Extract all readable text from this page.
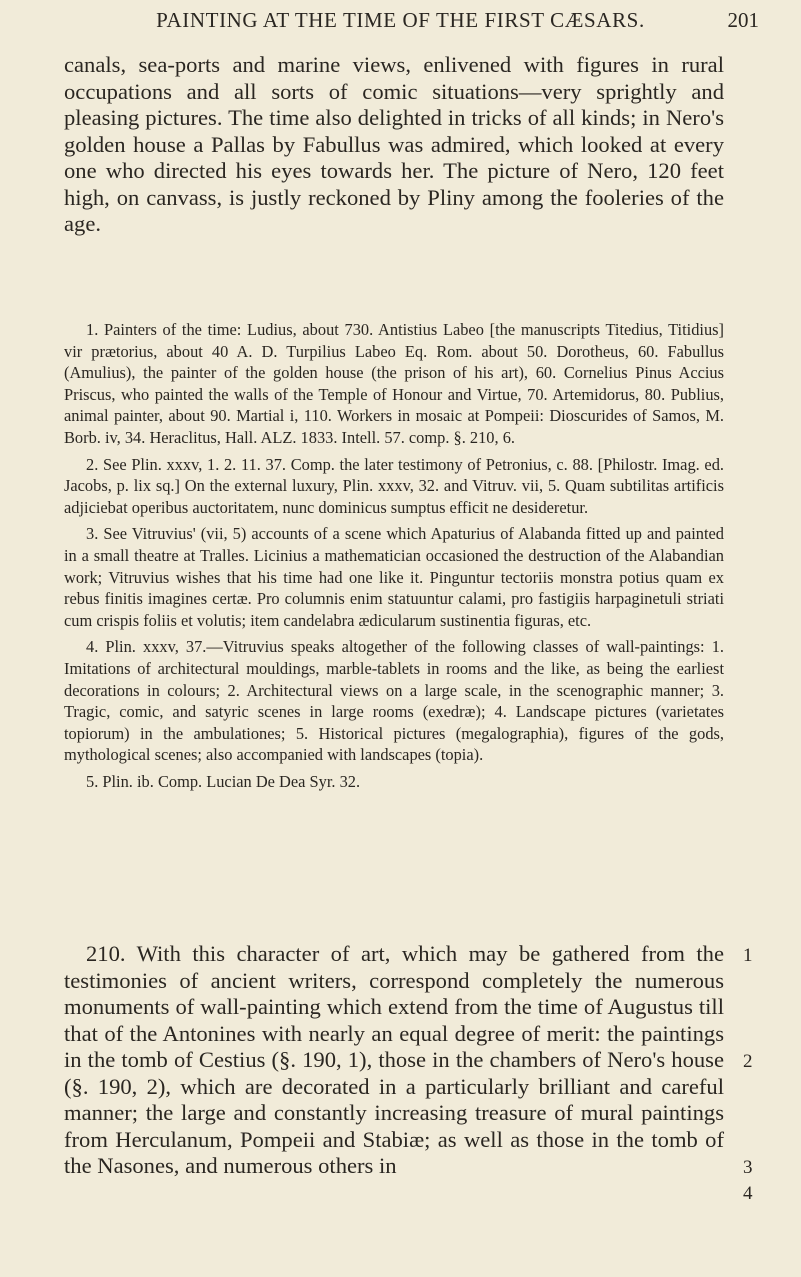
PAINTING AT THE TIME OF THE FIRST CÆSARS.	201

canals, sea-ports and marine views, enlivened with figures in rural occupations and all sorts of comic situations—very sprightly and pleasing pictures. The time also delighted in tricks of all kinds; in Nero's golden house a Pallas by Fabullus was admired, which looked at every one who directed his eyes towards her. The picture of Nero, 120 feet high, on canvass, is justly reckoned by Pliny among the fooleries of the age.

1. Painters of the time: Ludius, about 730. Antistius Labeo [the manuscripts Titedius, Titidius] vir prætorius, about 40 A. D. Turpilius Labeo Eq. Rom. about 50. Dorotheus, 60. Fabullus (Amulius), the painter of the golden house (the prison of his art), 60. Cornelius Pinus Accius Priscus, who painted the walls of the Temple of Honour and Virtue, 70. Artemidorus, 80. Publius, animal painter, about 90. Martial i, 110. Workers in mosaic at Pompeii: Dioscurides of Samos, M. Borb. iv, 34. Heraclitus, Hall. ALZ. 1833. Intell. 57. comp. §. 210, 6.

2. See Plin. xxxv, 1. 2. 11. 37. Comp. the later testimony of Petronius, c. 88. [Philostr. Imag. ed. Jacobs, p. lix sq.] On the external luxury, Plin. xxxv, 32. and Vitruv. vii, 5. Quam subtilitas artificis adjiciebat operibus auctoritatem, nunc dominicus sumptus efficit ne desideretur.

3. See Vitruvius' (vii, 5) accounts of a scene which Apaturius of Alabanda fitted up and painted in a small theatre at Tralles. Licinius a mathematician occasioned the destruction of the Alabandian work; Vitruvius wishes that his time had one like it. Pinguntur tectoriis monstra potius quam ex rebus finitis imagines certæ. Pro columnis enim statuuntur calami, pro fastigiis harpaginetuli striati cum crispis foliis et volutis; item candelabra ædicularum sustinentia figuras, etc.

4. Plin. xxxv, 37.—Vitruvius speaks altogether of the following classes of wall-paintings: 1. Imitations of architectural mouldings, marble-tablets in rooms and the like, as being the earliest decorations in colours; 2. Architectural views on a large scale, in the scenographic manner; 3. Tragic, comic, and satyric scenes in large rooms (exedræ); 4. Landscape pictures (varietates topiorum) in the ambulationes; 5. Historical pictures (megalographia), figures of the gods, mythological scenes; also accompanied with landscapes (topia).

5. Plin. ib. Comp. Lucian De Dea Syr. 32.

210. With this character of art, which may be gathered from the testimonies of ancient writers, correspond completely the numerous monuments of wall-painting which extend from the time of Augustus till that of the Antonines with nearly an equal degree of merit: the paintings in the tomb of Cestius (§. 190, 1), those in the chambers of Nero's house (§. 190, 2), which are decorated in a particularly brilliant and careful manner; the large and constantly increasing treasure of mural paintings from Herculanum, Pompeii and Stabiæ; as well as those in the tomb of the Nasones, and numerous others in

1
2
3
4
